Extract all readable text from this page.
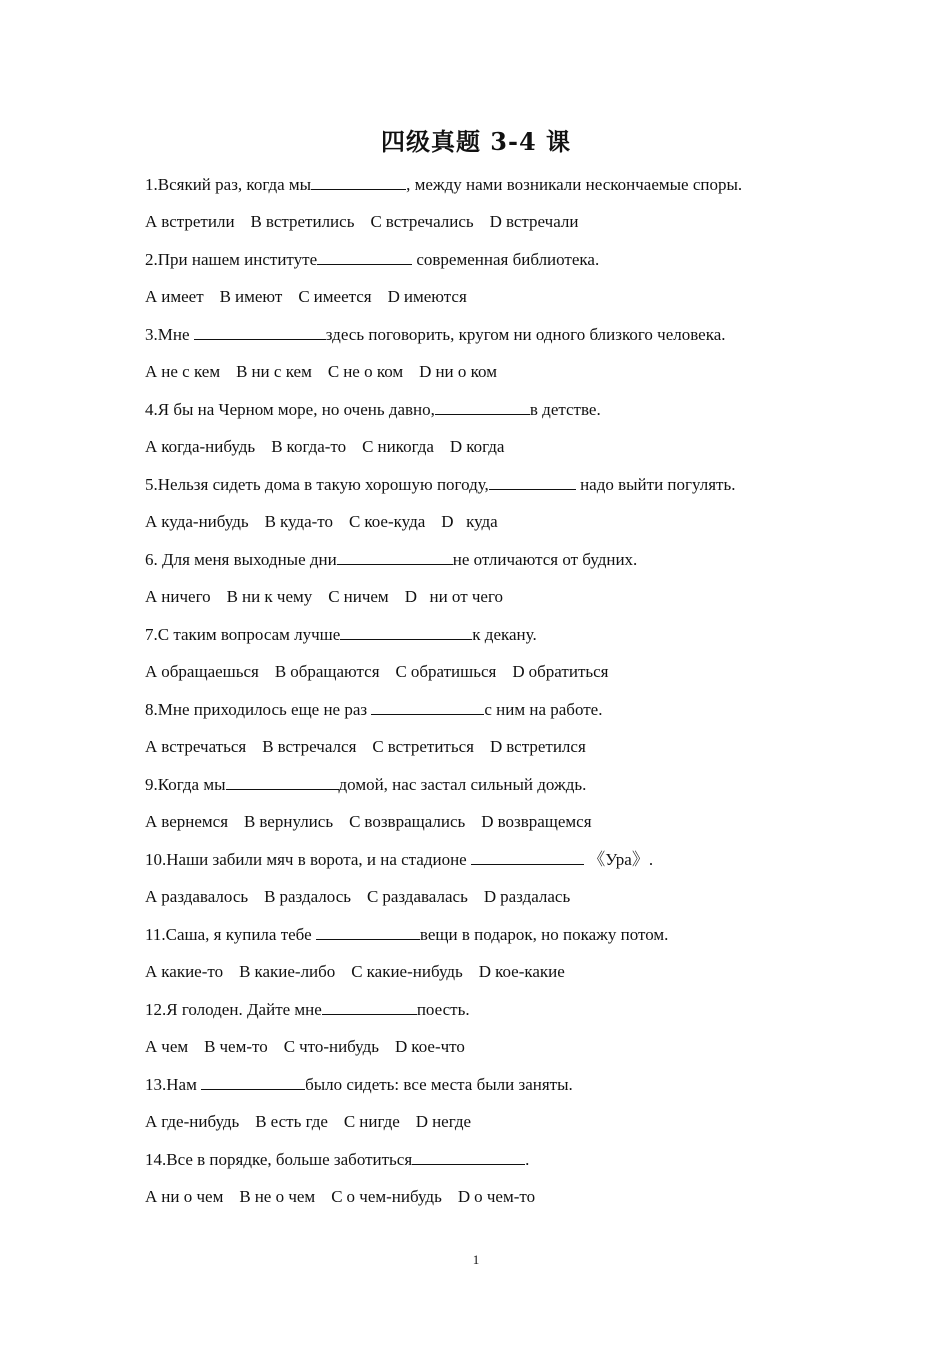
四级真题 3-4 课
1.Всякий раз, когда мы	, между нами возникали нескончаемые споры.
A встретили B встретились C встречались D встречали
2.При нашем институте	современная библиотека.
A имеет B имеют C имеется D имеются
3.Мне	здесь поговорить, кругом ни одного близкого человека.
A не с кем B ни с кем C не о ком D ни о ком
4.Я бы на Черном море, но очень давно,	в детстве.
A когда-нибудь B когда-то C никогда D когда
5.Нельзя сидеть дома в такую хорошую погоду,	надо выйти погулять.
A куда-нибудь B куда-то C кое-куда D  куда
6. Для меня выходные дни	не отличаются от будних.
A ничего B ни к чему C ничем D  ни от чего
7.С таким вопросам лучше	к декану.
A обращаешься B обращаются C обратишься D обратиться
8.Мне приходилось еще не раз	с ним на работе.
A встречаться B встречался C встретиться D встретился
9.Когда мы	домой, нас застал сильный дождь.
A вернемся B вернулись C возвращались D возвращемся
10.Наши забили мяч в ворота, и на стадионе	《Ура》.
A раздавалось B раздалось C раздавалась D раздалась
11.Саша, я купила тебе	вещи в подарок, но покажу потом.
A какие-то B какие-либо C какие-нибудь D кое-какие
12.Я голоден. Дайте мне	поесть.
A чем B чем-то C что-нибудь D кое-что
13.Нам	было сидеть: все места были заняты.
A где-нибудь B есть где C нигде D негде
14.Все в порядке, больше заботиться	.
A ни о чем B не о чем C о чем-нибудь D о чем-то
1
